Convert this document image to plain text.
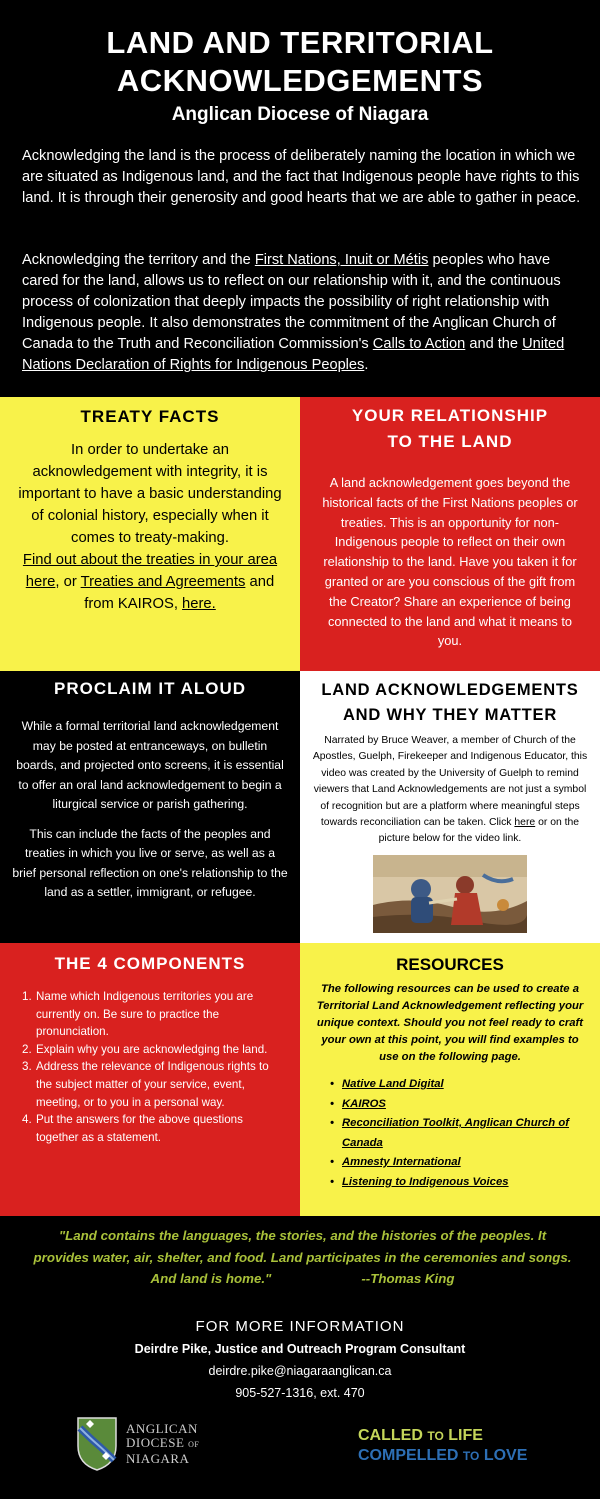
LAND AND TERRITORIAL ACKNOWLEDGEMENTS
Anglican Diocese of Niagara

Acknowledging the land is the process of deliberately naming the location in which we are situated as Indigenous land, and the fact that Indigenous people have rights to this land. It is through their generosity and good hearts that we are able to gather in peace.

Acknowledging the territory and the First Nations, Inuit or Métis peoples who have cared for the land, allows us to reflect on our relationship with it, and the continuous process of colonization that deeply impacts the possibility of right relationship with Indigenous people. It also demonstrates the commitment of the Anglican Church of Canada to the Truth and Reconciliation Commission's Calls to Action and the United Nations Declaration of Rights for Indigenous Peoples.

TREATY FACTS

In order to undertake an acknowledgement with integrity, it is important to have a basic understanding of colonial history, especially when it comes to treaty-making.
Find out about the treaties in your area here, or Treaties and Agreements and from KAIROS, here.

YOUR RELATIONSHIP
TO THE LAND

A land acknowledgement goes beyond the historical facts of the First Nations peoples or treaties. This is an opportunity for non-Indigenous people to reflect on their own relationship to the land. Have you taken it for granted or are you conscious of the gift from the Creator? Share an experience of being connected to the land and what it means to you.

PROCLAIM IT ALOUD

While a formal territorial land acknowledgement may be posted at entranceways, on bulletin boards, and projected onto screens, it is essential to offer an oral land acknowledgement to begin a liturgical service or parish gathering.

This can include the facts of the peoples and treaties in which you live or serve, as well as a brief personal reflection on one's relationship to the land as a settler, immigrant, or refugee.

LAND ACKNOWLEDGEMENTS
AND WHY THEY MATTER

Narrated by Bruce Weaver, a member of Church of the Apostles, Guelph, Firekeeper and Indigenous Educator, this video was created by the University of Guelph to remind viewers that Land Acknowledgements are not just a symbol of recognition but are a platform where meaningful steps towards reconciliation can be taken. Click here or on the picture below for the video link.

THE 4 COMPONENTS
1. Name which Indigenous territories you are currently on. Be sure to practice the pronunciation.
2. Explain why you are acknowledging the land.
3. Address the relevance of Indigenous rights to the subject matter of your service, event, meeting, or to you in a personal way.
4. Put the answers for the above questions together as a statement.
RESOURCES

The following resources can be used to create a Territorial Land Acknowledgement reflecting your unique context. Should you not feel ready to craft your own at this point, you will find examples to use on the following page.

• Native Land Digital
• KAIROS
• Reconciliation Toolkit, Anglican Church of Canada
• Amnesty International
• Listening to Indigenous Voices

"Land contains the languages, the stories, and the histories of the peoples. It provides water, air, shelter, and food. Land participates in the ceremonies and songs.
And land is home."	--Thomas King

FOR MORE INFORMATION
Deirdre Pike, Justice and Outreach Program Consultant
deirdre.pike@niagaraanglican.ca
905-527-1316, ext. 470
ANGLICAN
DIOCESE OF
NIAGARA
CALLED TO LIFE
COMPELLED TO LOVE
